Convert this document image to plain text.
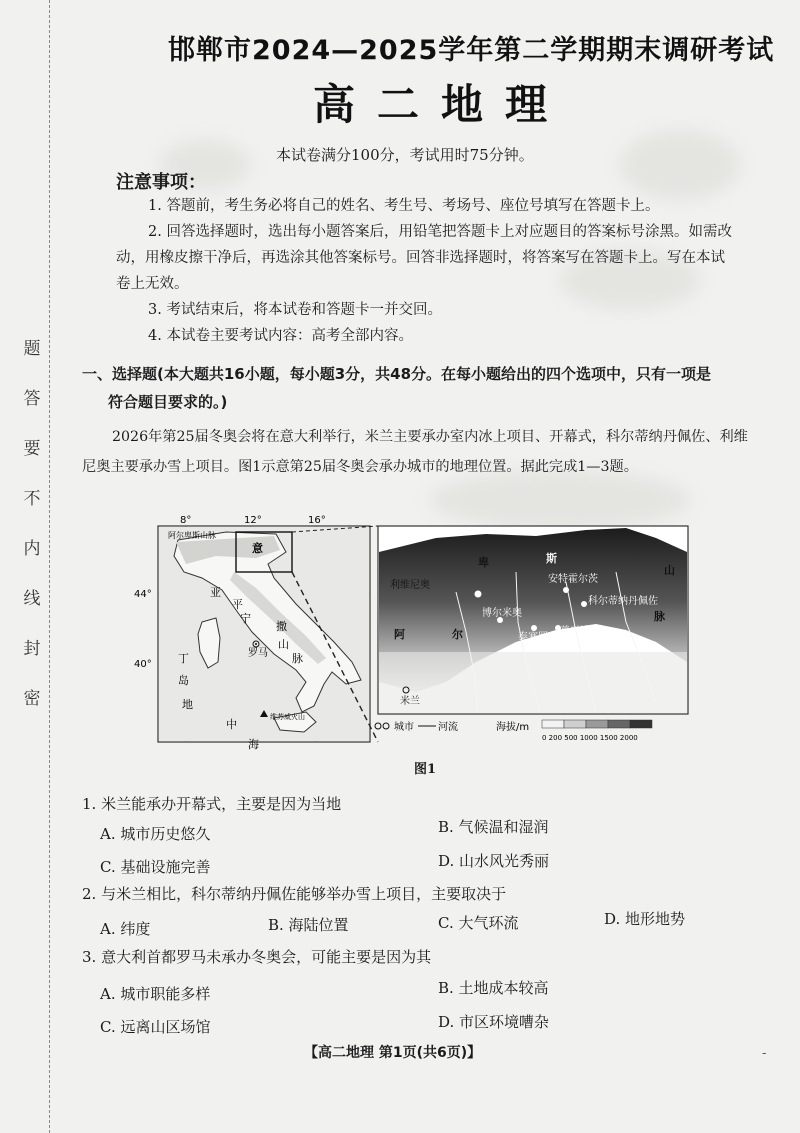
题
答
要
不
内
线
封
密
邯郸市2024—2025学年第二学期期末调研考试
高二地理
本试卷满分100分，考试用时75分钟。
注意事项：

1. 答题前，考生务必将自己的姓名、考生号、考场号、座位号填写在答题卡上。

2. 回答选择题时，选出每小题答案后，用铅笔把答题卡上对应题目的答案标号涂黑。如需改动，用橡皮擦干净后，再选涂其他答案标号。回答非选择题时，将答案写在答题卡上。写在本试卷上无效。

3. 考试结束后，将本试卷和答题卡一并交回。

4. 本试卷主要考试内容：高考全部内容。

一、选择题(本大题共16小题，每小题3分，共48分。在每小题给出的四个选项中，只有一项是
符合题目要求的。)
2026年第25届冬奥会将在意大利举行，米兰主要承办室内冰上项目、开幕式，科尔蒂纳丹佩佐、利维尼奥主要承办雪上项目。图1示意第25届冬奥会承办城市的地理位置。据此完成1—3题。
8°	12°	16°
44°
40°
阿尔卑斯山脉
亚
平
宁
罗马
山
脉
撒
丁
岛
地
中
海
维苏威火山
意
利维尼奥
卑	斯
山
阿	尔
安特霍尔茨
博尔米奥
科尔蒂纳丹佩佐
泰塞罗
普雷达佐
脉
米兰
城市 河流	海拔/m
0 200 500 1000 1500 2000
图1
1. 米兰能承办开幕式，主要是因为当地
A. 城市历史悠久	B. 气候温和湿润
C. 基础设施完善	D. 山水风光秀丽
2. 与米兰相比，科尔蒂纳丹佩佐能够举办雪上项目，主要取决于
A. 纬度	B. 海陆位置	C. 大气环流	D. 地形地势
3. 意大利首都罗马未承办冬奥会，可能主要是因为其
A. 城市职能多样	B. 土地成本较高
C. 远离山区场馆	D. 市区环境嘈杂
【高二地理 第1页(共6页)】	-
